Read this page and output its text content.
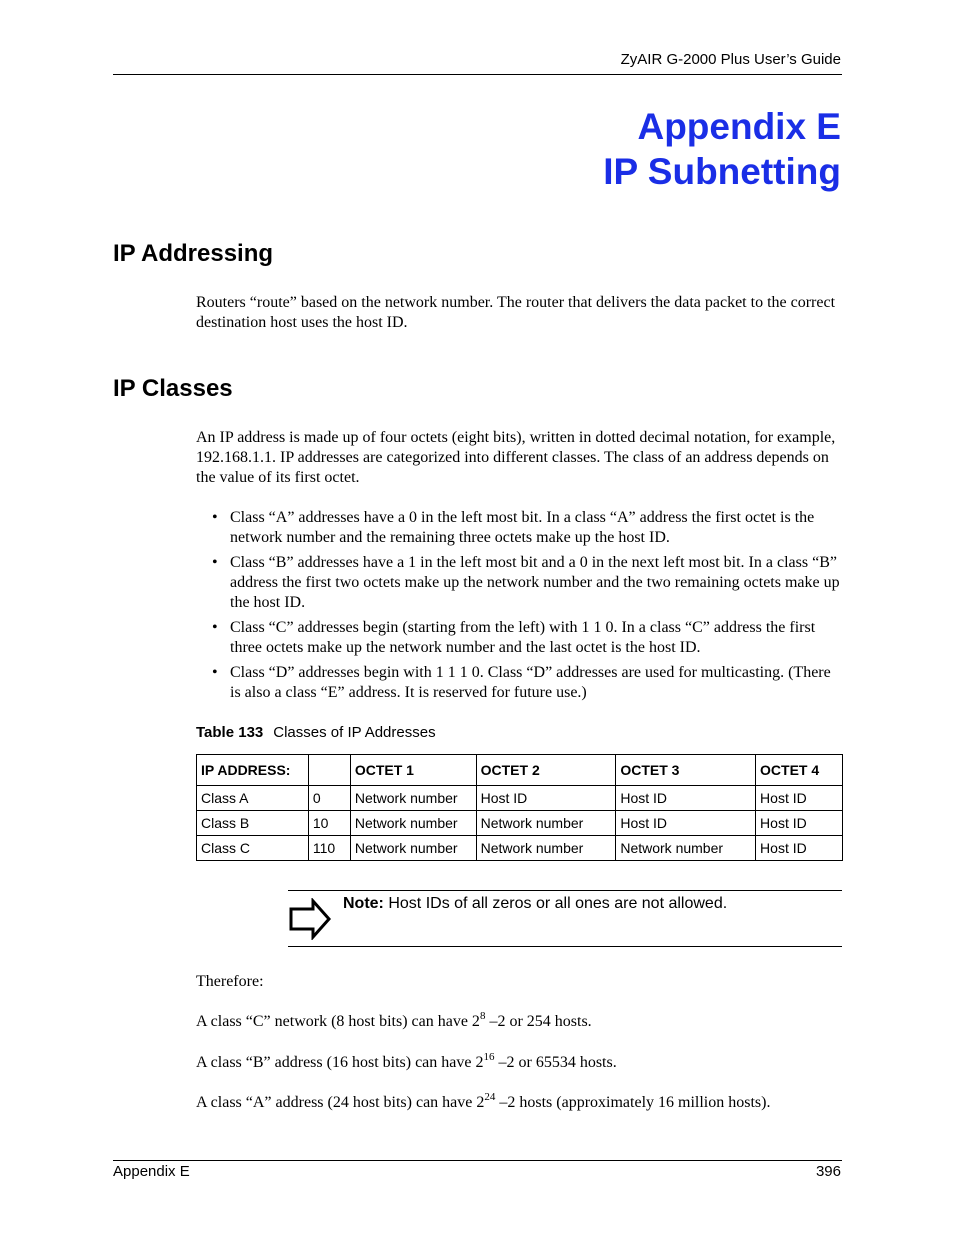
ZyAIR G-2000 Plus User’s Guide
Appendix E
IP Subnetting
IP Addressing

Routers “route” based on the network number. The router that delivers the data packet to the correct destination host uses the host ID.

IP Classes

An IP address is made up of four octets (eight bits), written in dotted decimal notation, for example, 192.168.1.1. IP addresses are categorized into different classes. The class of an address depends on the value of its first octet.

• Class “A” addresses have a 0 in the left most bit. In a class “A” address the first octet is the network number and the remaining three octets make up the host ID.
• Class “B” addresses have a 1 in the left most bit and a 0 in the next left most bit. In a class “B” address the first two octets make up the network number and the two remaining octets make up the host ID.
• Class “C” addresses begin (starting from the left) with 1 1 0. In a class “C” address the first three octets make up the network number and the last octet is the host ID.
• Class “D” addresses begin with 1 1 1 0. Class “D” addresses are used for multicasting. (There is also a class “E” address. It is reserved for future use.)
Table 133 Classes of IP Addresses
IP ADDRESS:		OCTET 1	OCTET 2	OCTET 3	OCTET 4
Class A	0	Network number	Host ID	Host ID	Host ID
Class B	10	Network number	Network number	Host ID	Host ID
Class C	110	Network number	Network number	Network number	Host ID
Note: Host IDs of all zeros or all ones are not allowed.
Therefore:
A class “C” network (8 host bits) can have $2^8$ –2 or 254 hosts.
A class “B” address (16 host bits) can have $2^{16}$ –2 or 65534 hosts.
A class “A” address (24 host bits) can have $2^{24}$ –2 hosts (approximately 16 million hosts).
Appendix E	396
